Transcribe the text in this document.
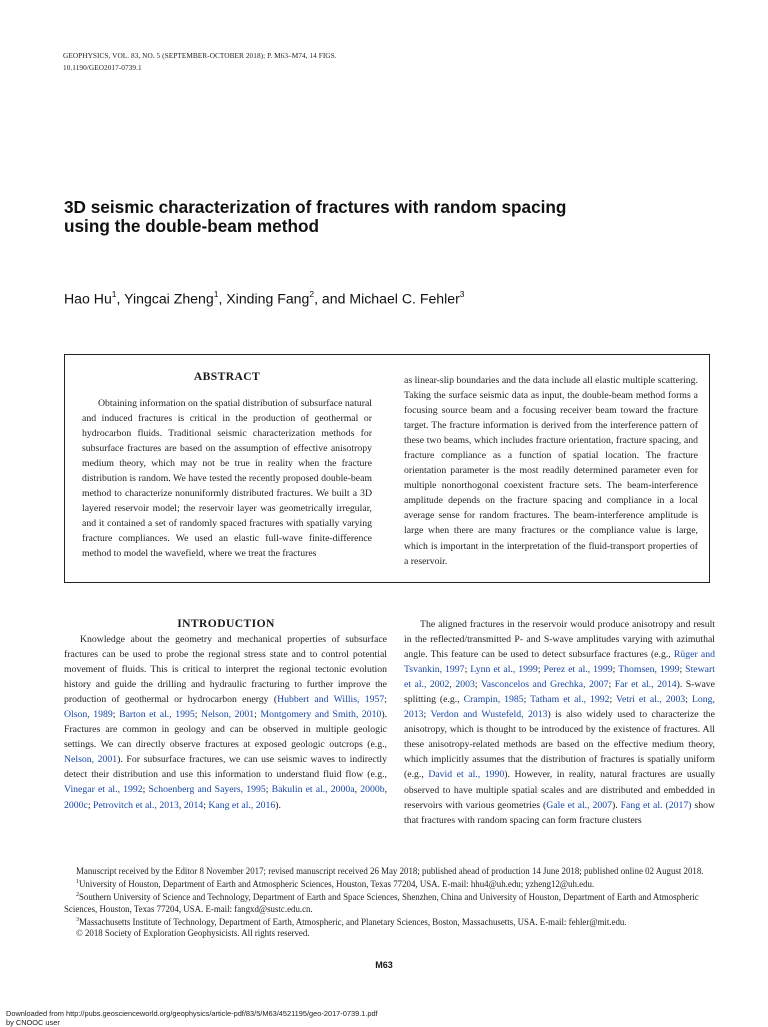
GEOPHYSICS, VOL. 83, NO. 5 (SEPTEMBER-OCTOBER 2018); P. M63–M74, 14 FIGS.
10.1190/GEO2017-0739.1
3D seismic characterization of fractures with random spacing
using the double-beam method
Hao Hu$^1$, Yingcai Zheng$^1$, Xinding Fang$^2$, and Michael C. Fehler$^3$
ABSTRACT

Obtaining information on the spatial distribution of subsurface natural and induced fractures is critical in the production of geothermal or hydrocarbon fluids. Traditional seismic characterization methods for subsurface fractures are based on the assumption of effective anisotropy medium theory, which may not be true in reality when the fracture distribution is random. We have tested the recently proposed double-beam method to characterize nonuniformly distributed fractures. We built a 3D layered reservoir model; the reservoir layer was geometrically irregular, and it contained a set of randomly spaced fractures with spatially varying fracture compliances. We used an elastic full-wave finite-difference method to model the wavefield, where we treat the fractures

as linear-slip boundaries and the data include all elastic multiple scattering. Taking the surface seismic data as input, the double-beam method forms a focusing source beam and a focusing receiver beam toward the fracture target. The fracture information is derived from the interference pattern of these two beams, which includes fracture orientation, fracture spacing, and fracture compliance as a function of spatial location. The fracture orientation parameter is the most readily determined parameter even for multiple nonorthogonal coexistent fracture sets. The beam-interference amplitude depends on the fracture spacing and compliance in a local average sense for random fractures. The beam-interference amplitude is large when there are many fractures or the compliance value is large, which is important in the interpretation of the fluid-transport properties of a reservoir.

INTRODUCTION

Knowledge about the geometry and mechanical properties of subsurface fractures can be used to probe the regional stress state and to control potential movement of fluids. This is critical to interpret the regional tectonic evolution history and guide the drilling and hydraulic fracturing to further improve the production of geothermal or hydrocarbon energy (Hubbert and Willis, 1957; Olson, 1989; Barton et al., 1995; Nelson, 2001; Montgomery and Smith, 2010). Fractures are common in geology and can be observed in multiple geologic settings. We can directly observe fractures at exposed geologic outcrops (e.g., Nelson, 2001). For subsurface fractures, we can use seismic waves to indirectly detect their distribution and use this information to understand fluid flow (e.g., Vinegar et al., 1992; Schoenberg and Sayers, 1995; Bakulin et al., 2000a, 2000b, 2000c; Petrovitch et al., 2013, 2014; Kang et al., 2016).

The aligned fractures in the reservoir would produce anisotropy and result in the reflected/transmitted P- and S-wave amplitudes varying with azimuthal angle. This feature can be used to detect subsurface fractures (e.g., Rüger and Tsvankin, 1997; Lynn et al., 1999; Perez et al., 1999; Thomsen, 1999; Stewart et al., 2002, 2003; Vasconcelos and Grechka, 2007; Far et al., 2014). S-wave splitting (e.g., Crampin, 1985; Tatham et al., 1992; Vetri et al., 2003; Long, 2013; Verdon and Wustefeld, 2013) is also widely used to characterize the anisotropy, which is thought to be introduced by the existence of fractures. All these anisotropy-related methods are based on the effective medium theory, which implicitly assumes that the distribution of fractures is spatially uniform (e.g., David et al., 1990). However, in reality, natural fractures are usually observed to have multiple spatial scales and are distributed and embedded in reservoirs with various geometries (Gale et al., 2007). Fang et al. (2017) show that fractures with random spacing can form fracture clusters

Manuscript received by the Editor 8 November 2017; revised manuscript received 26 May 2018; published ahead of production 14 June 2018; published online 02 August 2018.

$^1$University of Houston, Department of Earth and Atmospheric Sciences, Houston, Texas 77204, USA. E-mail: hhu4@uh.edu; yzheng12@uh.edu.

$^2$Southern University of Science and Technology, Department of Earth and Space Sciences, Shenzhen, China and University of Houston, Department of Earth and Atmospheric Sciences, Houston, Texas 77204, USA. E-mail: fangxd@sustc.edu.cn.

$^3$Massachusetts Institute of Technology, Department of Earth, Atmospheric, and Planetary Sciences, Boston, Massachusetts, USA. E-mail: fehler@mit.edu.

© 2018 Society of Exploration Geophysicists. All rights reserved.

M63
Downloaded from http://pubs.geoscienceworld.org/geophysics/article-pdf/83/5/M63/4521195/geo-2017-0739.1.pdf
by CNOOC user
